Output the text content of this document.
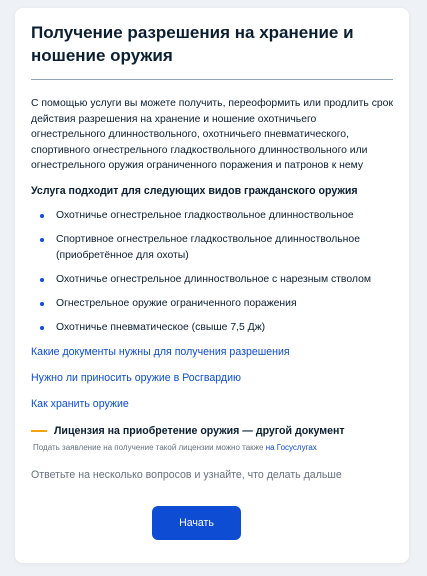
Получение разрешения на хранение и ношение оружия
С помощью услуги вы можете получить, переоформить или продлить срок действия разрешения на хранение и ношение охотничьего огнестрельного длинноствольного, охотничьего пневматического, спортивного огнестрельного гладкоствольного длинноствольного или огнестрельного оружия ограниченного поражения и патронов к нему
Услуга подходит для следующих видов гражданского оружия
Охотничье огнестрельное гладкоствольное длинноствольное
Спортивное огнестрельное гладкоствольное длинноствольное (приобретённое для охоты)
Охотничье огнестрельное длинноствольное с нарезным стволом
Огнестрельное оружие ограниченного поражения
Охотничье пневматическое (свыше 7,5 Дж)
Какие документы нужны для получения разрешения
Нужно ли приносить оружие в Росгвардию
Как хранить оружие
Лицензия на приобретение оружия — другой документ
Подать заявление на получение такой лицензии можно также на Госуслугах
Ответьте на несколько вопросов и узнайте, что делать дальше
Начать
